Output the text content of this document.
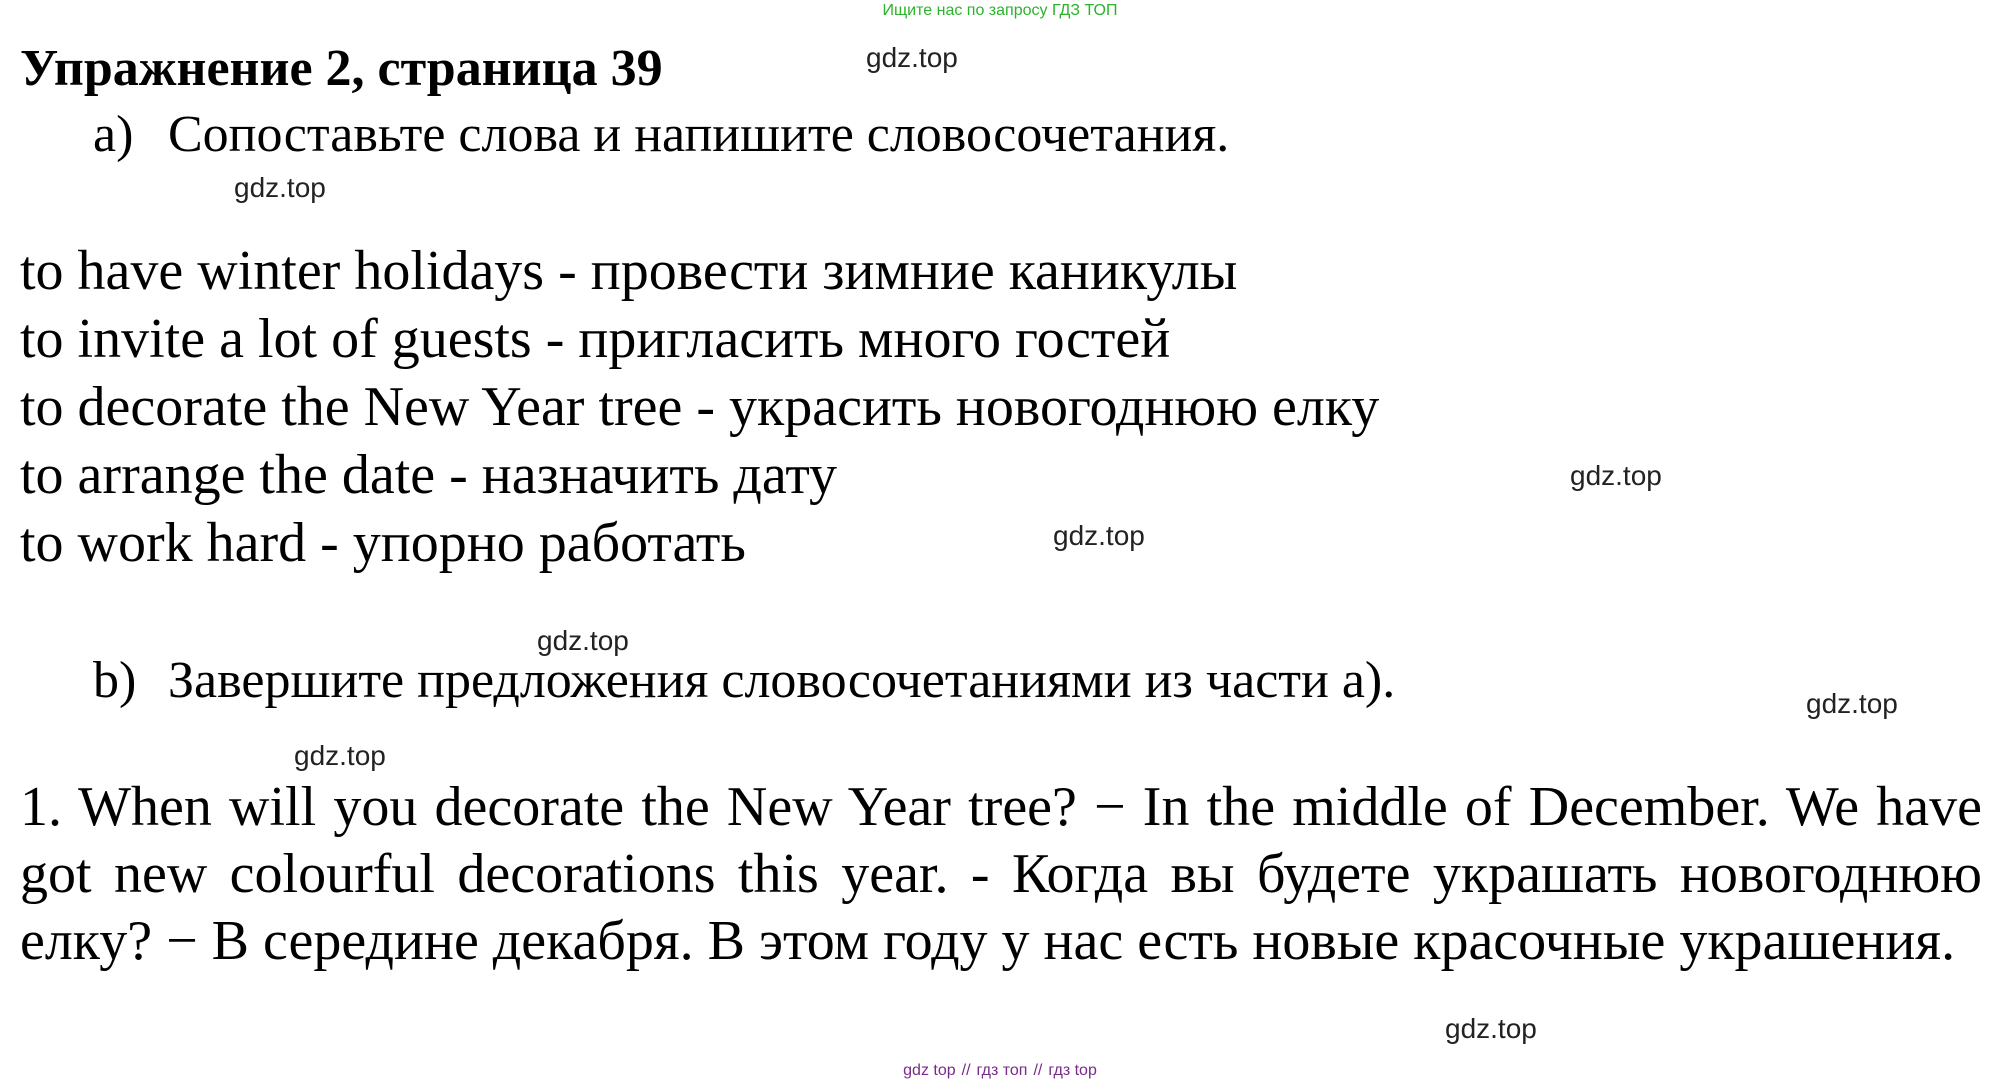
Ищите нас по запросу ГДЗ ТОП
Упражнение 2, страница 39
a) Сопоставьте слова и напишите словосочетания.
to have winter holidays - провести зимние каникулы
to invite a lot of guests - пригласить много гостей
to decorate the New Year tree - украсить новогоднюю елку
to arrange the date - назначить дату
to work hard - упорно работать
b) Завершите предложения словосочетаниями из части a).

1. When will you decorate the New Year tree? − In the middle of December. We have got new colourful decorations this year. - Когда вы будете украшать новогоднюю елку? − В середине декабря. В этом году у нас есть новые красочные украшения.

gdz.top
gdz.top
gdz.top
gdz.top
gdz.top
gdz.top
gdz.top
gdz.top
gdz top // гдз топ // гдз top
